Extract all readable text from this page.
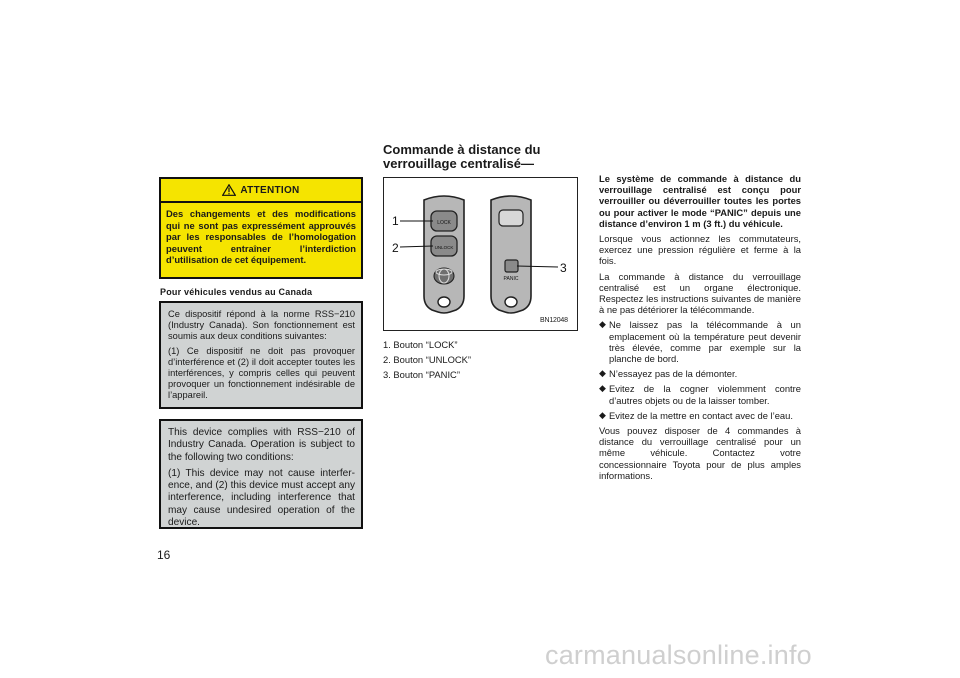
ATTENTION
Des changements et des modifications qui ne sont pas expressément approuvés par les responsables de l’homologation peuvent entraîner l’interdiction d’utilisation de cet équipement.
Pour véhicules vendus au Canada

Ce dispositif répond à la norme RSS−210 (Industry Canada). Son fonctionnement est soumis aux deux conditions suivantes:

(1) Ce dispositif ne doit pas provoquer d’interférence et (2) il doit accepter toutes les interférences, y compris celles qui peuvent provoquer un fonctionnement indésirable de l’appareil.

This device complies with RSS−210 of Industry Canada. Operation is subject to the following two conditions:

(1) This device may not cause interfer-ence, and (2) this device must accept any interference, including interference that may cause undesired operation of the device.

16
Commande à distance du
verrouillage centralisé—
LOCK
UNLOCK
PANIC
1
2
3
BN12048
1. Bouton “LOCK”
2. Bouton “UNLOCK”
3. Bouton “PANIC”

Le système de commande à distance du verrouillage centralisé est conçu pour verrouiller ou déverrouiller toutes les portes ou pour activer le mode “PANIC” depuis une distance d’environ 1 m (3 ft.) du véhicule.

Lorsque vous actionnez les commutateurs, exercez une pression régulière et ferme à la fois.

La commande à distance du verrouillage centralisé est un organe électronique. Respectez les instructions suivantes de manière à ne pas détériorer la télécommande.

◆ Ne laissez pas la télécommande à un emplacement où la température peut devenir très élevée, comme par exemple sur la planche de bord.
◆ N’essayez pas de la démonter.
◆ Evitez de la cogner violemment contre d’autres objets ou de la laisser tomber.
◆ Evitez de la mettre en contact avec de l’eau.

Vous pouvez disposer de 4 commandes à distance du verrouillage centralisé pour un même véhicule. Contactez votre concessionnaire Toyota pour de plus amples informations.

carmanualsonline.info
